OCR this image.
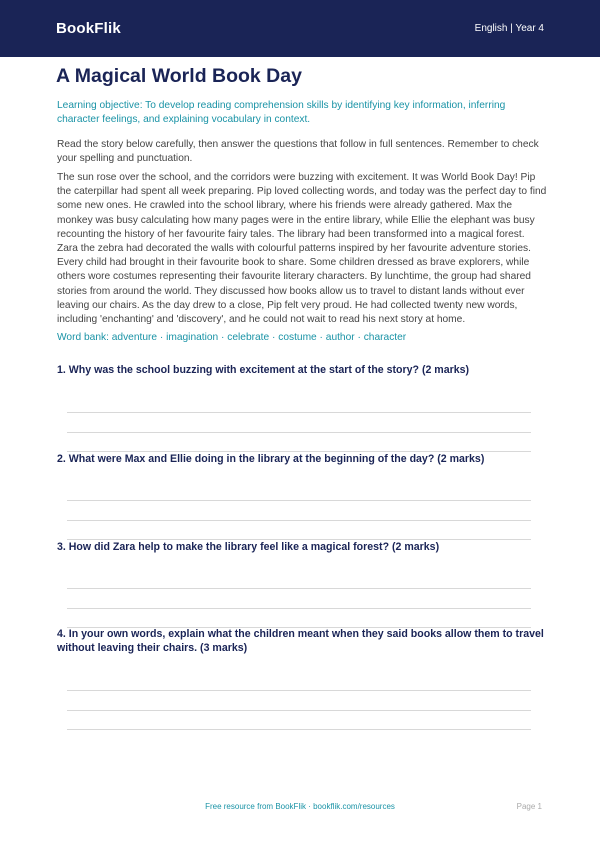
BookFlik	English | Year 4
A Magical World Book Day

Learning objective: To develop reading comprehension skills by identifying key information, inferring character feelings, and explaining vocabulary in context.

Read the story below carefully, then answer the questions that follow in full sentences. Remember to check your spelling and punctuation.

The sun rose over the school, and the corridors were buzzing with excitement. It was World Book Day! Pip the caterpillar had spent all week preparing. Pip loved collecting words, and today was the perfect day to find some new ones. He crawled into the school library, where his friends were already gathered. Max the monkey was busy calculating how many pages were in the entire library, while Ellie the elephant was busy recounting the history of her favourite fairy tales. The library had been transformed into a magical forest. Zara the zebra had decorated the walls with colourful patterns inspired by her favourite adventure stories. Every child had brought in their favourite book to share. Some children dressed as brave explorers, while others wore costumes representing their favourite literary characters. By lunchtime, the group had shared stories from around the world. They discussed how books allow us to travel to distant lands without ever leaving our chairs. As the day drew to a close, Pip felt very proud. He had collected twenty new words, including 'enchanting' and 'discovery', and he could not wait to read his next story at home.

Word bank: adventure · imagination · celebrate · costume · author · character

1. Why was the school buzzing with excitement at the start of the story? (2 marks)

2. What were Max and Ellie doing in the library at the beginning of the day? (2 marks)

3. How did Zara help to make the library feel like a magical forest? (2 marks)

4. In your own words, explain what the children meant when they said books allow them to travel without leaving their chairs. (3 marks)

Free resource from BookFlik · bookflik.com/resources	Page 1
